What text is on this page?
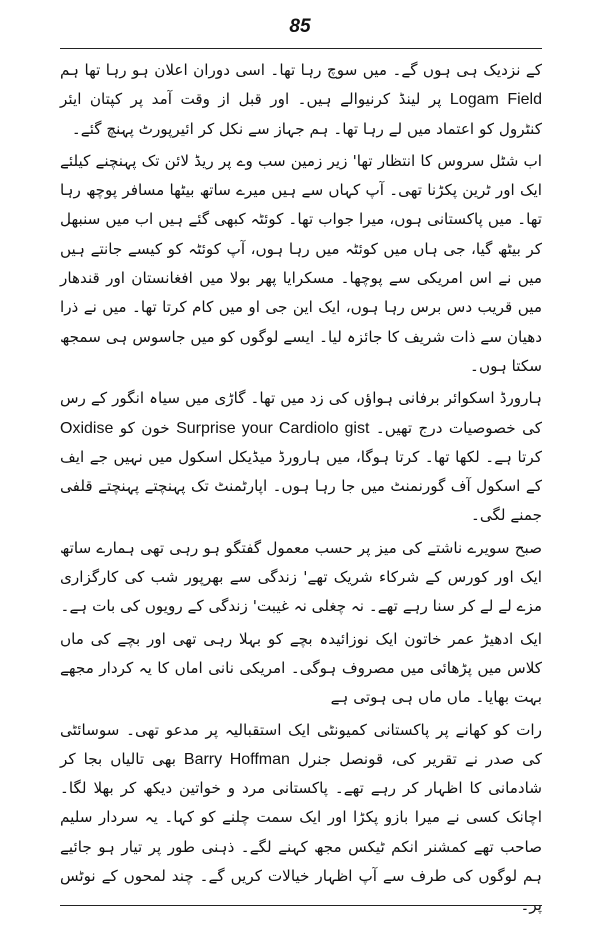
85

کے نزدیک ہی ہوں گے۔ میں سوچ رہا تھا۔ اسی دوران اعلان ہو رہا تھا ہم Logam Field پر لینڈ کرنیوالے ہیں۔ اور قبل از وقت آمد پر کپتان ایئر کنٹرول کو اعتماد میں لے رہا تھا۔ ہم جہاز سے نکل کر ائیرپورٹ پہنچ گئے۔

اب شٹل سروس کا انتظار تھا' زیر زمین سب وے پر ریڈ لائن تک پہنچنے کیلئے ایک اور ٹرین پکڑنا تھی۔ آپ کہاں سے ہیں میرے ساتھ بیٹھا مسافر پوچھ رہا تھا۔ میں پاکستانی ہوں، میرا جواب تھا۔ کوئٹہ کبھی گئے ہیں اب میں سنبھل کر بیٹھ گیا، جی ہاں میں کوئٹہ میں رہا ہوں، آپ کوئٹہ کو کیسے جانتے ہیں میں نے اس امریکی سے پوچھا۔ مسکرایا پھر بولا میں افغانستان اور قندھار میں قریب دس برس رہا ہوں، ایک این جی او میں کام کرتا تھا۔ میں نے ذرا دھیان سے ذات شریف کا جائزہ لیا۔ ایسے لوگوں کو میں جاسوس ہی سمجھ سکتا ہوں۔

ہارورڈ اسکوائر برفانی ہواؤں کی زد میں تھا۔ گاڑی میں سیاہ انگور کے رس کی خصوصیات درج تھیں۔ Surprise your Cardiolo gist خون کو Oxidise کرتا ہے۔ لکھا تھا۔ کرتا ہوگا، میں ہارورڈ میڈیکل اسکول میں نہیں جے ایف کے اسکول آف گورنمنٹ میں جا رہا ہوں۔ اپارٹمنٹ تک پہنچتے پہنچتے قلفی جمنے لگی۔

صبح سویرے ناشتے کی میز پر حسب معمول گفتگو ہو رہی تھی ہمارے ساتھ ایک اور کورس کے شرکاء شریک تھے' زندگی سے بھرپور شب کی کارگزاری مزے لے لے کر سنا رہے تھے۔ نہ چغلی نہ غیبت' زندگی کے رویوں کی بات ہے۔

ایک ادھیڑ عمر خاتون ایک نوزائیدہ بچے کو بہلا رہی تھی اور بچے کی ماں کلاس میں پڑھائی میں مصروف ہوگی۔ امریکی نانی اماں کا یہ کردار مجھے بہت بھایا۔ ماں ماں ہی ہوتی ہے

رات کو کھانے پر پاکستانی کمیونٹی ایک استقبالیہ پر مدعو تھی۔ سوسائٹی کی صدر نے تقریر کی، قونصل جنرل Barry Hoffman بھی تالیاں بجا کر شادمانی کا اظہار کر رہے تھے۔ پاکستانی مرد و خواتین دیکھ کر بھلا لگا۔ اچانک کسی نے میرا بازو پکڑا اور ایک سمت چلنے کو کہا۔ یہ سردار سلیم صاحب تھے کمشنر انکم ٹیکس مجھ کہنے لگے۔ ذہنی طور پر تیار ہو جائیے ہم لوگوں کی طرف سے آپ اظہار خیالات کریں گے۔ چند لمحوں کے نوٹس پر۔
